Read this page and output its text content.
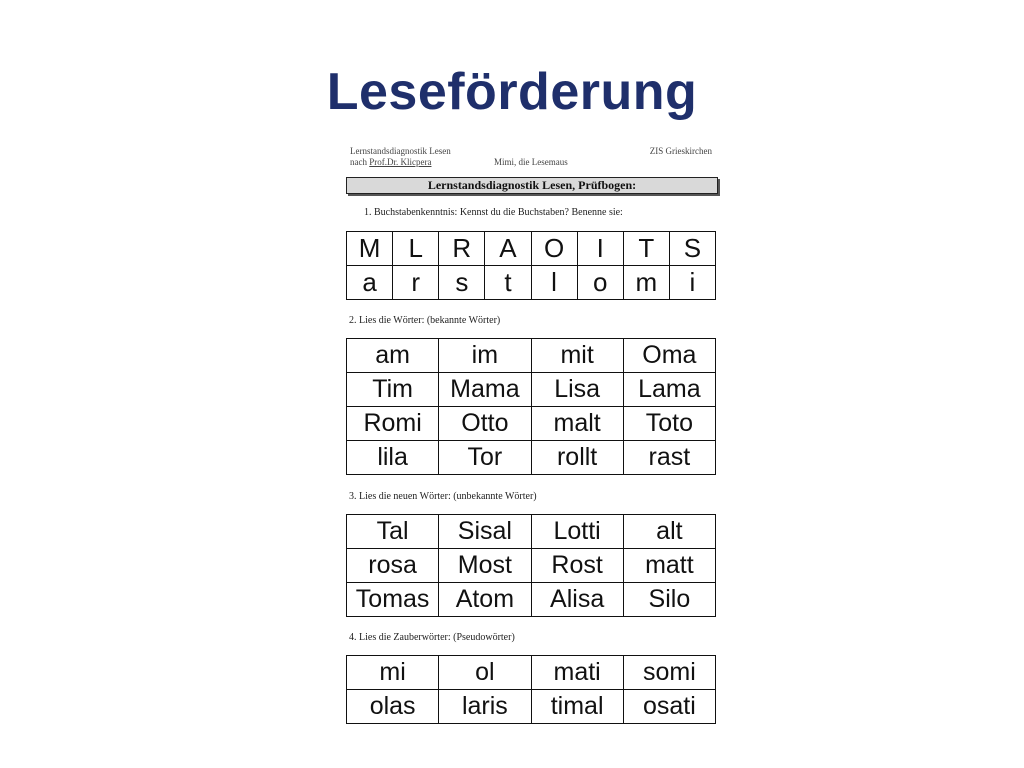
Leseförderung
Lernstandsdiagnostik Lesen
nach Prof.Dr. Klicpera	Mimi, die Lesemaus
ZIS Grieskirchen
Lernstandsdiagnostik Lesen, Prüfbogen:
1. Buchstabenkenntnis: Kennst du die Buchstaben? Benenne sie:
M	L	R	A	O	I	T	S
a	r	s	t	l	o	m	i
2. Lies die Wörter: (bekannte Wörter)
am	im	mit	Oma
Tim	Mama	Lisa	Lama
Romi	Otto	malt	Toto
lila	Tor	rollt	rast
3. Lies die neuen Wörter: (unbekannte Wörter)
Tal	Sisal	Lotti	alt
rosa	Most	Rost	matt
Tomas	Atom	Alisa	Silo
4. Lies die Zauberwörter: (Pseudowörter)
mi	ol	mati	somi
olas	laris	timal	osati
